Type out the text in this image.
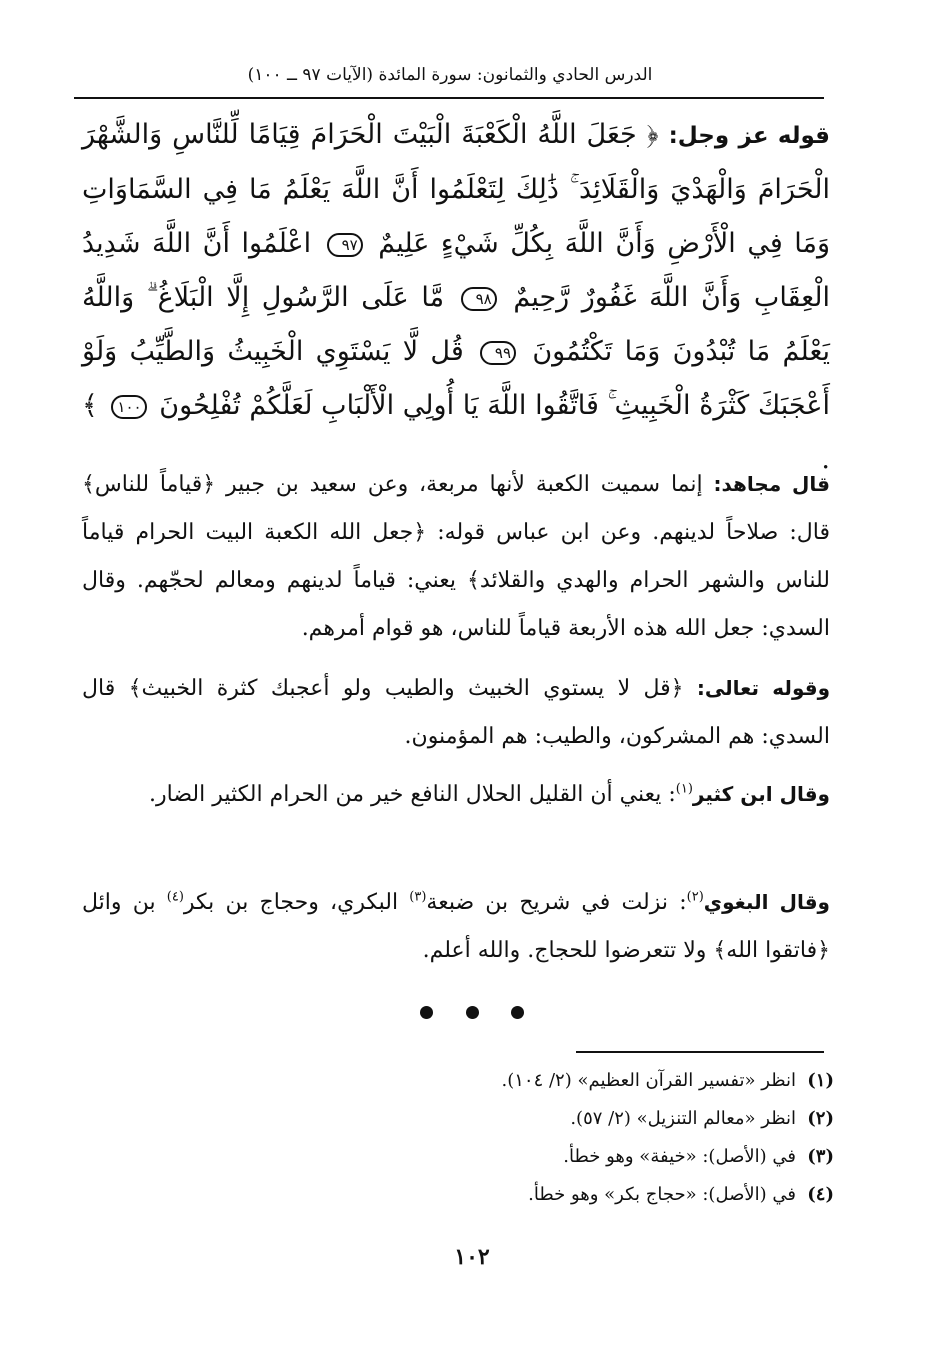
الدرس الحادي والثمانون: سورة المائدة (الآيات ٩٧ ــ ١٠٠)
قوله عز وجل: ﴿ جَعَلَ اللَّهُ الْكَعْبَةَ الْبَيْتَ الْحَرَامَ قِيَامًا لِّلنَّاسِ وَالشَّهْرَ الْحَرَامَ وَالْهَدْيَ وَالْقَلَائِدَ ۚ ذَٰلِكَ لِتَعْلَمُوا أَنَّ اللَّهَ يَعْلَمُ مَا فِي السَّمَاوَاتِ وَمَا فِي الْأَرْضِ وَأَنَّ اللَّهَ بِكُلِّ شَيْءٍ عَلِيمٌ ٩٧ اعْلَمُوا أَنَّ اللَّهَ شَدِيدُ الْعِقَابِ وَأَنَّ اللَّهَ غَفُورٌ رَّحِيمٌ ٩٨ مَّا عَلَى الرَّسُولِ إِلَّا الْبَلَاغُ ۗ وَاللَّهُ يَعْلَمُ مَا تُبْدُونَ وَمَا تَكْتُمُونَ ٩٩ قُل لَّا يَسْتَوِي الْخَبِيثُ وَالطَّيِّبُ وَلَوْ أَعْجَبَكَ كَثْرَةُ الْخَبِيثِ ۚ فَاتَّقُوا اللَّهَ يَا أُولِي الْأَلْبَابِ لَعَلَّكُمْ تُفْلِحُونَ ١٠٠ ﴾ .

قال مجاهد: إنما سميت الكعبة لأنها مربعة، وعن سعيد بن جبير ﴿قياماً للناس﴾ قال: صلاحاً لدينهم. وعن ابن عباس قوله: ﴿جعل الله الكعبة البيت الحرام قياماً للناس والشهر الحرام والهدي والقلائد﴾ يعني: قياماً لدينهم ومعالم لحجّهم. وقال السدي: جعل الله هذه الأربعة قياماً للناس، هو قوام أمرهم.

وقوله تعالى: ﴿قل لا يستوي الخبيث والطيب ولو أعجبك كثرة الخبيث﴾ قال السدي: هم المشركون، والطيب: هم المؤمنون.

وقال ابن كثير$^{(١)}$: يعني أن القليل الحلال النافع خير من الحرام الكثير الضار.

وقال البغوي$^{(٢)}$: نزلت في شريح بن ضبعة$^{(٣)}$ البكري، وحجاج بن بكر$^{(٤)}$ بن وائل ﴿فاتقوا الله﴾ ولا تتعرضوا للحجاج. والله أعلم.

(١)انظر «تفسير القرآن العظيم» (٢/ ١٠٤).
(٢)انظر «معالم التنزيل» (٢/ ٥٧).
(٣)في (الأصل): «خيفة» وهو خطأ.
(٤)في (الأصل): «حجاج بكر» وهو خطأ.
١٠٢
